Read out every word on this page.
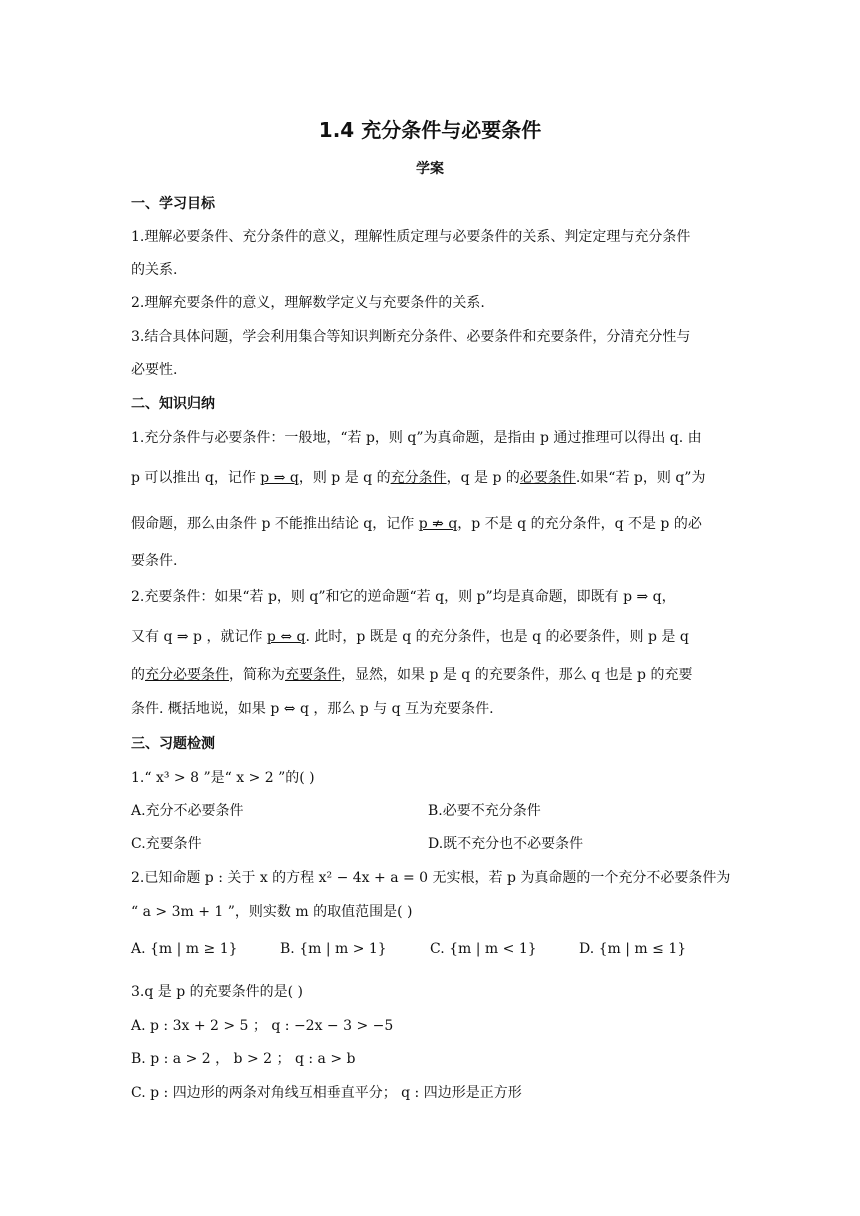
1.4 充分条件与必要条件
学案
一、学习目标
1.理解必要条件、充分条件的意义，理解性质定理与必要条件的关系、判定定理与充分条件
的关系.
2.理解充要条件的意义，理解数学定义与充要条件的关系.
3.结合具体问题，学会利用集合等知识判断充分条件、必要条件和充要条件，分清充分性与
必要性.
二、知识归纳
1.充分条件与必要条件：一般地，“若 p，则 q”为真命题，是指由 p 通过推理可以得出 q. 由
p 可以推出 q，记作 p ⇒ q，则 p 是 q 的充分条件，q 是 p 的必要条件.如果“若 p，则 q”为
假命题，那么由条件 p 不能推出结论 q，记作 p ⇏ q，p 不是 q 的充分条件，q 不是 p 的必
要条件.
2.充要条件：如果“若 p，则 q”和它的逆命题“若 q，则 p”均是真命题，即既有 p ⇒ q，
又有 q ⇒ p ，就记作 p ⇔ q. 此时，p 既是 q 的充分条件，也是 q 的必要条件，则 p 是 q
的充分必要条件，简称为充要条件，显然，如果 p 是 q 的充要条件，那么 q 也是 p 的充要
条件. 概括地说，如果 p ⇔ q ，那么 p 与 q 互为充要条件.
三、习题检测
1.“ x³ > 8 ”是“ x > 2 ”的( )
A.充分不必要条件	B.必要不充分条件
C.充要条件	D.既不充分也不必要条件
2.已知命题 p : 关于 x 的方程 x² − 4x + a = 0 无实根，若 p 为真命题的一个充分不必要条件为
“ a > 3m + 1 ”，则实数 m 的取值范围是( )
A. {m | m ≥ 1}	B. {m | m > 1}	C. {m | m < 1}	D. {m | m ≤ 1}
3.q 是 p 的充要条件的是( )
A. p : 3x + 2 > 5 ； q : −2x − 3 > −5
B. p : a > 2 ， b > 2 ； q : a > b
C. p : 四边形的两条对角线互相垂直平分； q : 四边形是正方形
